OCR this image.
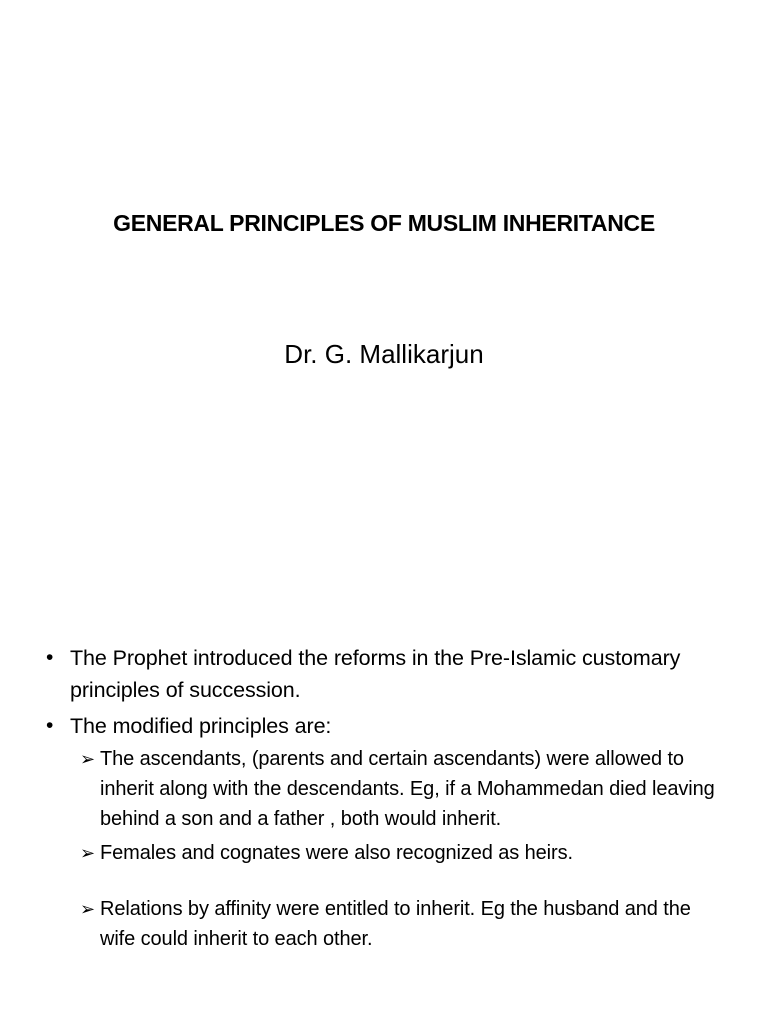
GENERAL PRINCIPLES OF MUSLIM INHERITANCE
Dr. G. Mallikarjun

• The Prophet introduced the reforms in the Pre-Islamic customary principles of succession.

• The modified principles are:

➢ The ascendants, (parents and certain ascendants) were allowed to inherit along with the descendants. Eg, if a Mohammedan died leaving behind a son and a father , both would inherit.
➢ Females and cognates were also recognized as heirs.
➢ Relations by affinity were entitled to inherit. Eg the husband and the wife could inherit to each other.
